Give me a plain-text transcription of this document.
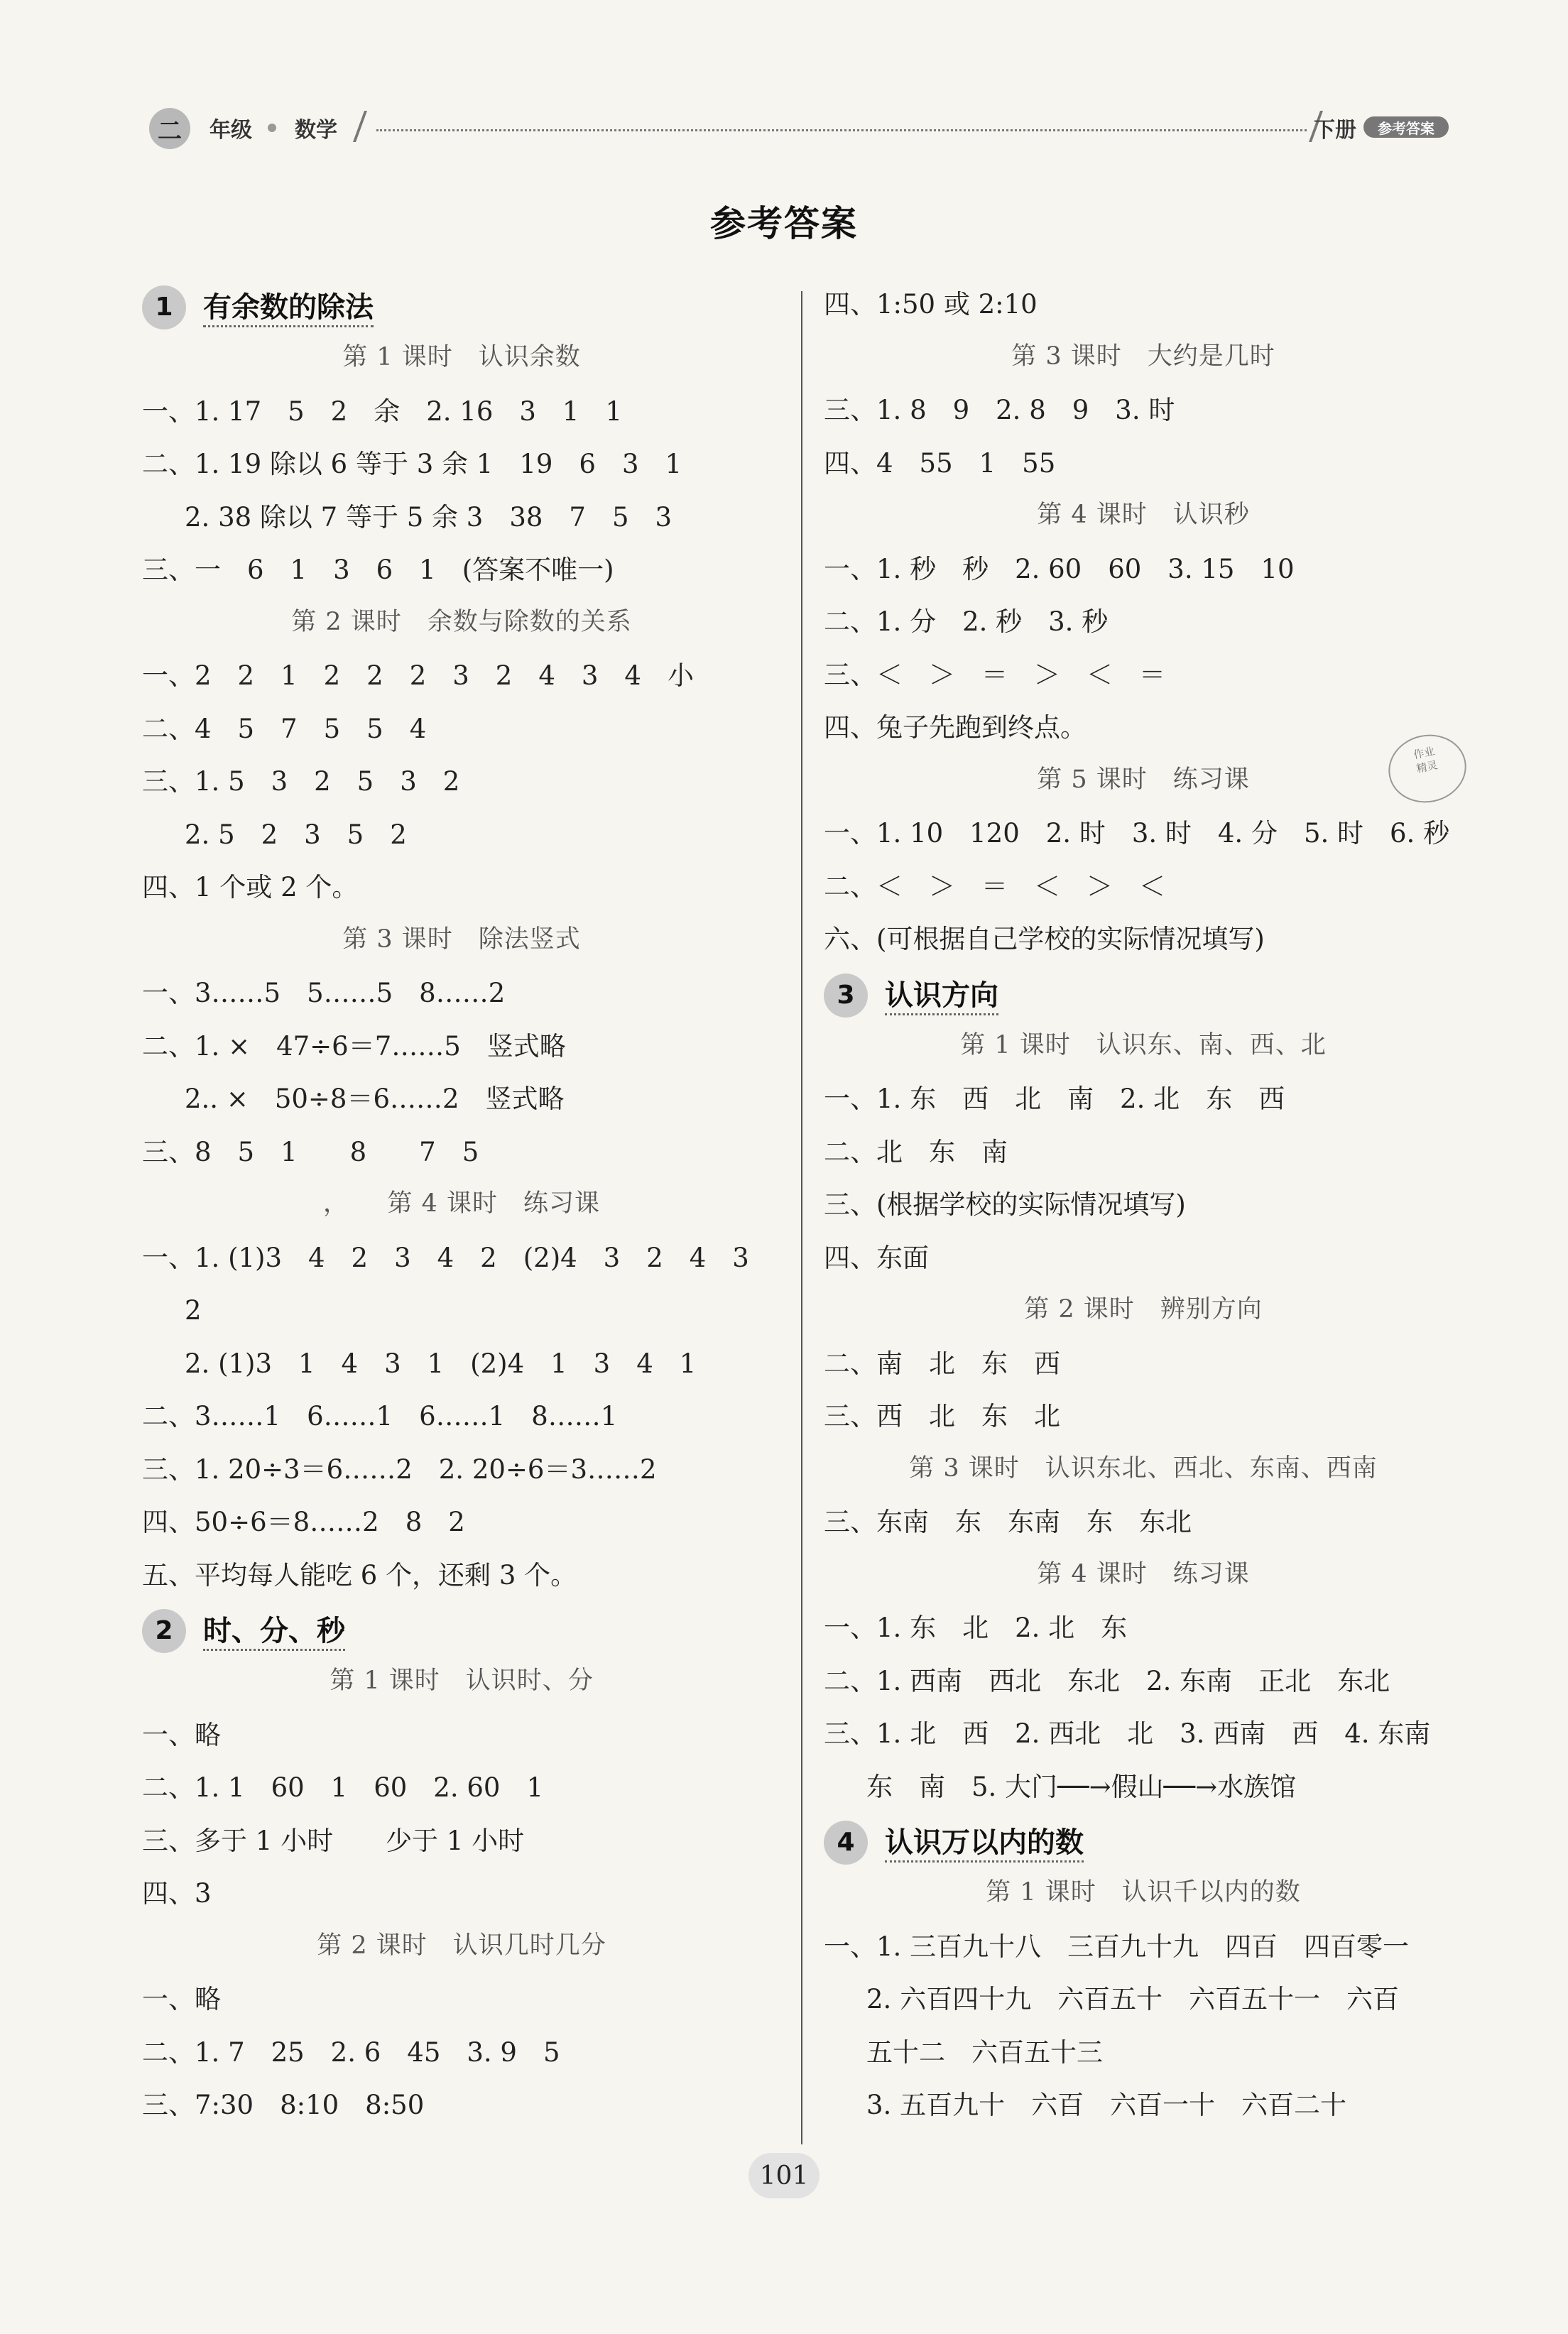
二	年级 数学	下册	参考答案
参考答案
1 有余数的除法
第 1 课时　认识余数
一、1. 17　5　2　余　2. 16　3　1　1
二、1. 19 除以 6 等于 3 余 1　19　6　3　1
2. 38 除以 7 等于 5 余 3　38　7　5　3
三、一　6　1　3　6　1　(答案不唯一)
第 2 课时　余数与除数的关系
一、2　2　1　2　2　2　3　2　4　3　4　小
二、4　5　7　5　5　4
三、1. 5　3　2　5　3　2
2. 5　2　3　5　2
四、1 个或 2 个。
第 3 课时　除法竖式
一、3……5　5……5　8……2
二、1. ×　47÷6＝7……5　竖式略
2.. ×　50÷8＝6……2　竖式略
三、8　5　1　　8　　7　5
，　　第 4 课时　练习课
一、1. (1)3　4　2　3　4　2　(2)4　3　2　4　3
2
2. (1)3　1　4　3　1　(2)4　1　3　4　1
二、3……1　6……1　6……1　8……1
三、1. 20÷3＝6……2　2. 20÷6＝3……2
四、50÷6＝8……2　8　2
五、平均每人能吃 6 个，还剩 3 个。
2 时、分、秒
第 1 课时　认识时、分
一、略
二、1. 1　60　1　60　2. 60　1
三、多于 1 小时　　少于 1 小时
四、3
第 2 课时　认识几时几分
一、略
二、1. 7　25　2. 6　45　3. 9　5
三、7:30　8:10　8:50
四、1:50 或 2:10
第 3 课时　大约是几时
三、1. 8　9　2. 8　9　3. 时
四、4　55　1　55
第 4 课时　认识秒
一、1. 秒　秒　2. 60　60　3. 15　10
二、1. 分　2. 秒　3. 秒
三、＜　＞　＝　＞　＜　＝
四、兔子先跑到终点。
第 5 课时　练习课
一、1. 10　120　2. 时　3. 时　4. 分　5. 时　6. 秒
二、＜　＞　＝　＜　＞　＜
六、(可根据自己学校的实际情况填写)
3 认识方向
第 1 课时　认识东、南、西、北
一、1. 东　西　北　南　2. 北　东　西
二、北　东　南
三、(根据学校的实际情况填写)
四、东面
第 2 课时　辨别方向
二、南　北　东　西
三、西　北　东　北
第 3 课时　认识东北、西北、东南、西南
三、东南　东　东南　东　东北
第 4 课时　练习课
一、1. 东　北　2. 北　东
二、1. 西南　西北　东北　2. 东南　正北　东北
三、1. 北　西　2. 西北　北　3. 西南　西　4. 东南
东　南　5. 大门──→假山──→水族馆
4 认识万以内的数
第 1 课时　认识千以内的数
一、1. 三百九十八　三百九十九　四百　四百零一
2. 六百四十九　六百五十　六百五十一　六百
五十二　六百五十三
3. 五百九十　六百　六百一十　六百二十
作业
精灵
101
